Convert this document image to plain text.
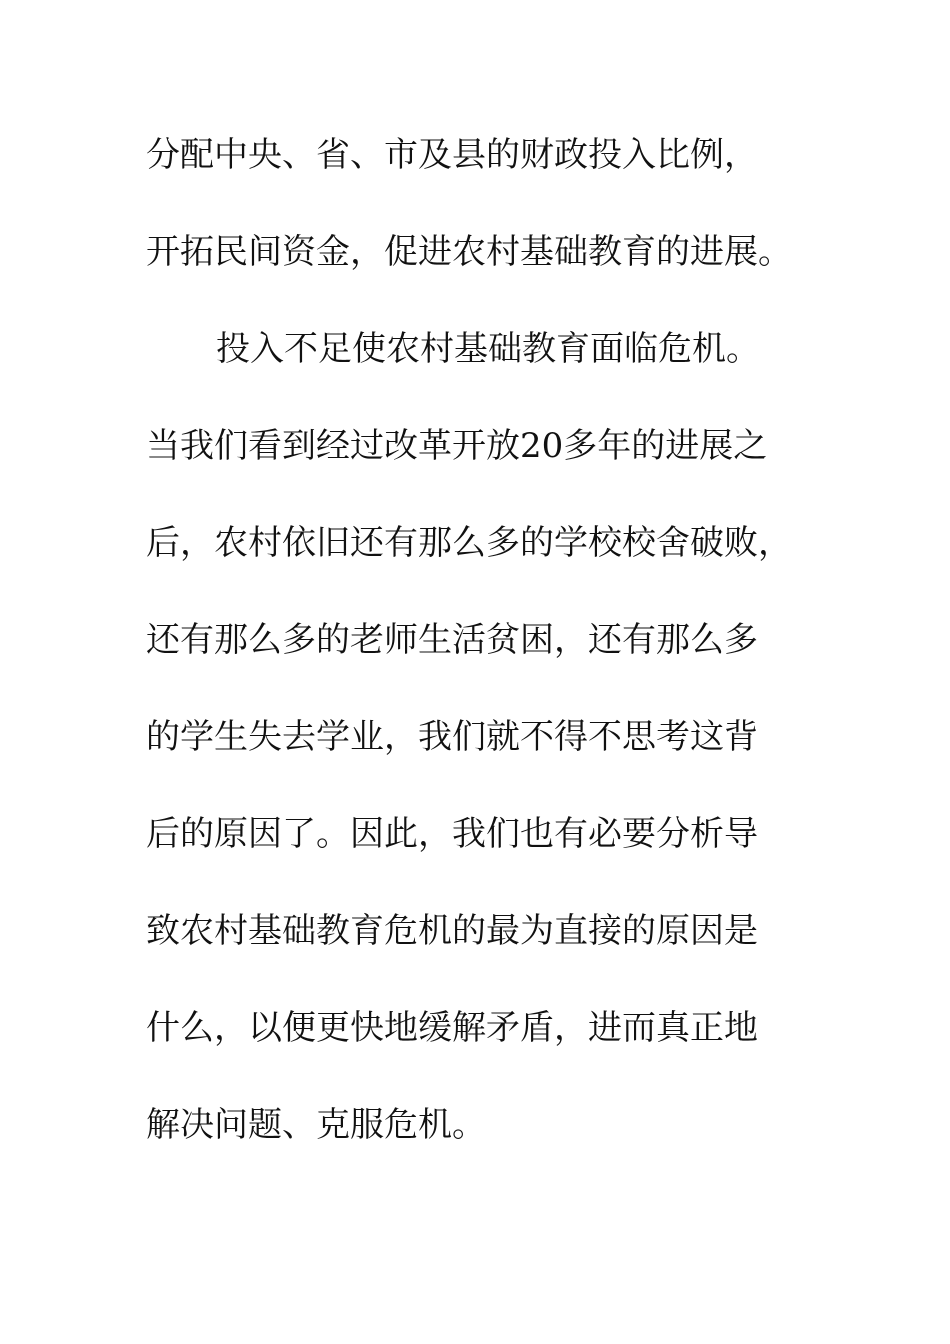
分配中央、省、市及县的财政投入比例，
开拓民间资金，促进农村基础教育的进展。
投入不足使农村基础教育面临危机。
当我们看到经过改革开放20多年的进展之
后，农村依旧还有那么多的学校校舍破败，
还有那么多的老师生活贫困，还有那么多
的学生失去学业，我们就不得不思考这背
后的原因了。因此，我们也有必要分析导
致农村基础教育危机的最为直接的原因是
什么，以便更快地缓解矛盾，进而真正地
解决问题、克服危机。
